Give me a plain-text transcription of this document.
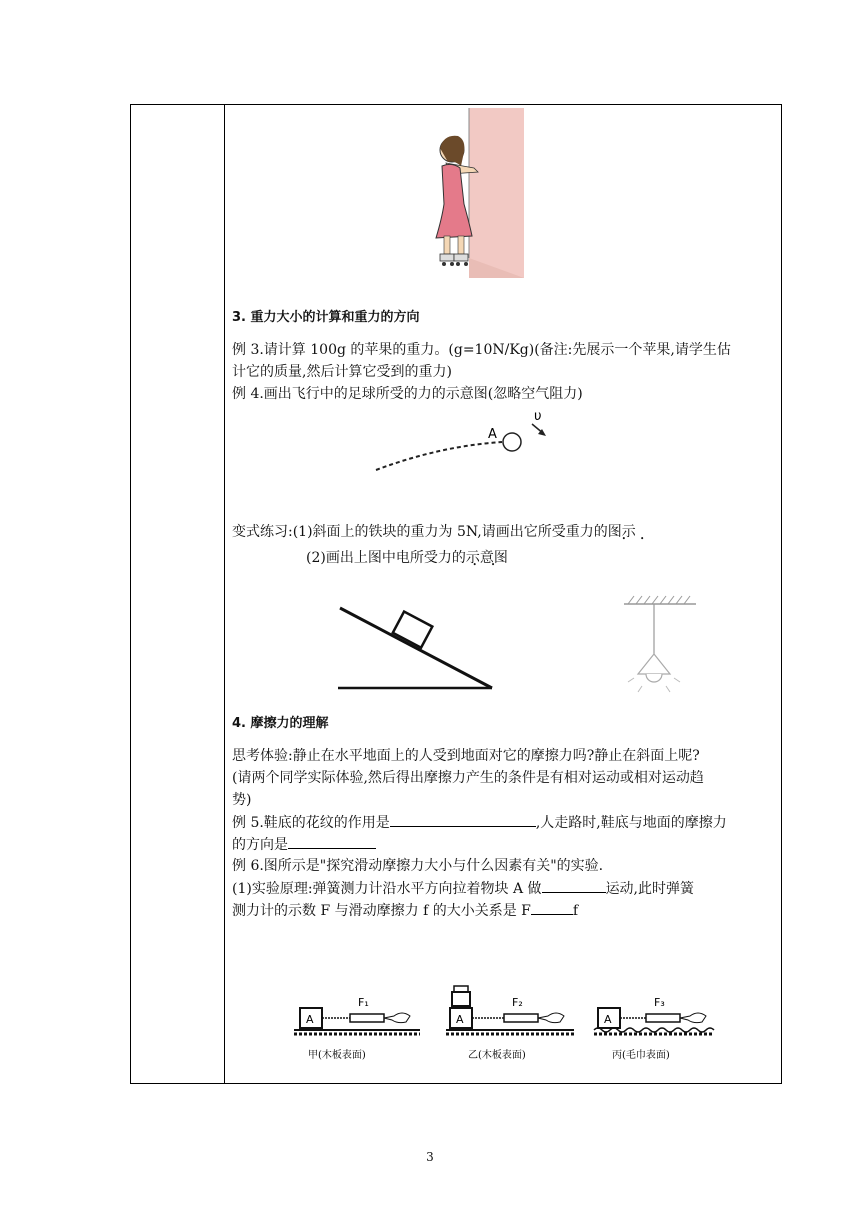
3. 重力大小的计算和重力的方向
例 3.请计算 100g 的苹果的重力。(g=10N/Kg)(备注:先展示一个苹果,请学生估
计它的质量,然后计算它受到的重力)
例 4.画出飞行中的足球所受的力的示意图(忽略空气阻力)
变式练习:(1)斜面上的铁块的重力为 5N,请画出它所受重力的图示 • •
(2)画出上图中电所受力的示意图 • •
4. 摩擦力的理解
思考体验:静止在水平地面上的人受到地面对它的摩擦力吗?静止在斜面上呢?
(请两个同学实际体验,然后得出摩擦力产生的条件是有相对运动或相对运动趋
势)
例 5.鞋底的花纹的作用是	,人走路时,鞋底与地面的摩擦力
的方向是
例 6.图所示是"探究滑动摩擦力大小与什么因素有关"的实验.
(1)实验原理:弹簧测力计沿水平方向拉着物块 A 做	运动,此时弹簧
测力计的示数 F 与滑动摩擦力 f 的大小关系是 F	f
A
υ
A
F₁
甲(木板表面)
A
F₂
乙(木板表面)
A
F₃
丙(毛巾表面)
3
